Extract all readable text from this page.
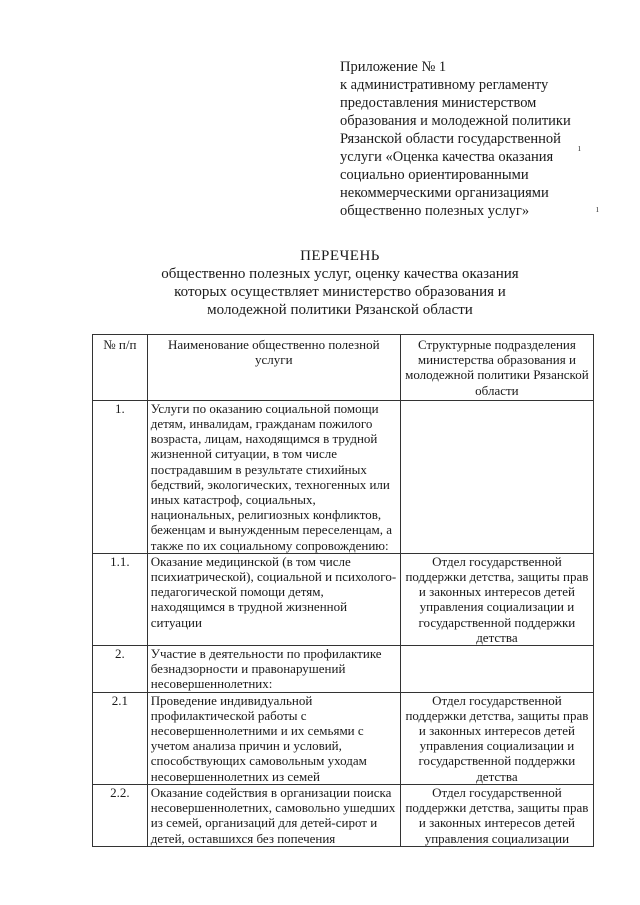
Приложение № 1
к административному регламенту
предоставления министерством
образования и молодежной политики
Рязанской области государственной
услуги «Оценка качества оказания
социально ориентированными
некоммерческими организациями
общественно полезных услуг»
ı
ı
ПЕРЕЧЕНЬ
общественно полезных услуг, оценку качества оказания
которых осуществляет министерство образования и
молодежной политики Рязанской области
№ п/п	Наименование общественно полезной услуги	Структурные подразделения министерства образования и молодежной политики Рязанской области
1.	Услуги по оказанию социальной помощи детям, инвалидам, гражданам пожилого возраста, лицам, находящимся в трудной жизненной ситуации, в том числе пострадавшим в результате стихийных бедствий, экологических, техногенных или иных катастроф, социальных, национальных, религиозных конфликтов, беженцам и вынужденным переселенцам, а также по их социальному сопровождению:	
1.1.	Оказание медицинской (в том числе психиатрической), социальной и психолого-педагогической помощи детям, находящимся в трудной жизненной ситуации	Отдел государственной поддержки детства, защиты прав и законных интересов детей управления социализации и государственной поддержки детства
2.	Участие в деятельности по профилактике безнадзорности и правонарушений несовершеннолетних:	
2.1	Проведение индивидуальной профилактической работы с несовершеннолетними и их семьями с учетом анализа причин и условий, способствующих самовольным уходам несовершеннолетних из семей	Отдел государственной поддержки детства, защиты прав и законных интересов детей управления социализации и государственной поддержки детства
2.2.	Оказание содействия в организации поиска несовершеннолетних, самовольно ушедших из семей, организаций для детей-сирот и детей, оставшихся без попечения	Отдел государственной поддержки детства, защиты прав и законных интересов детей управления социализации
